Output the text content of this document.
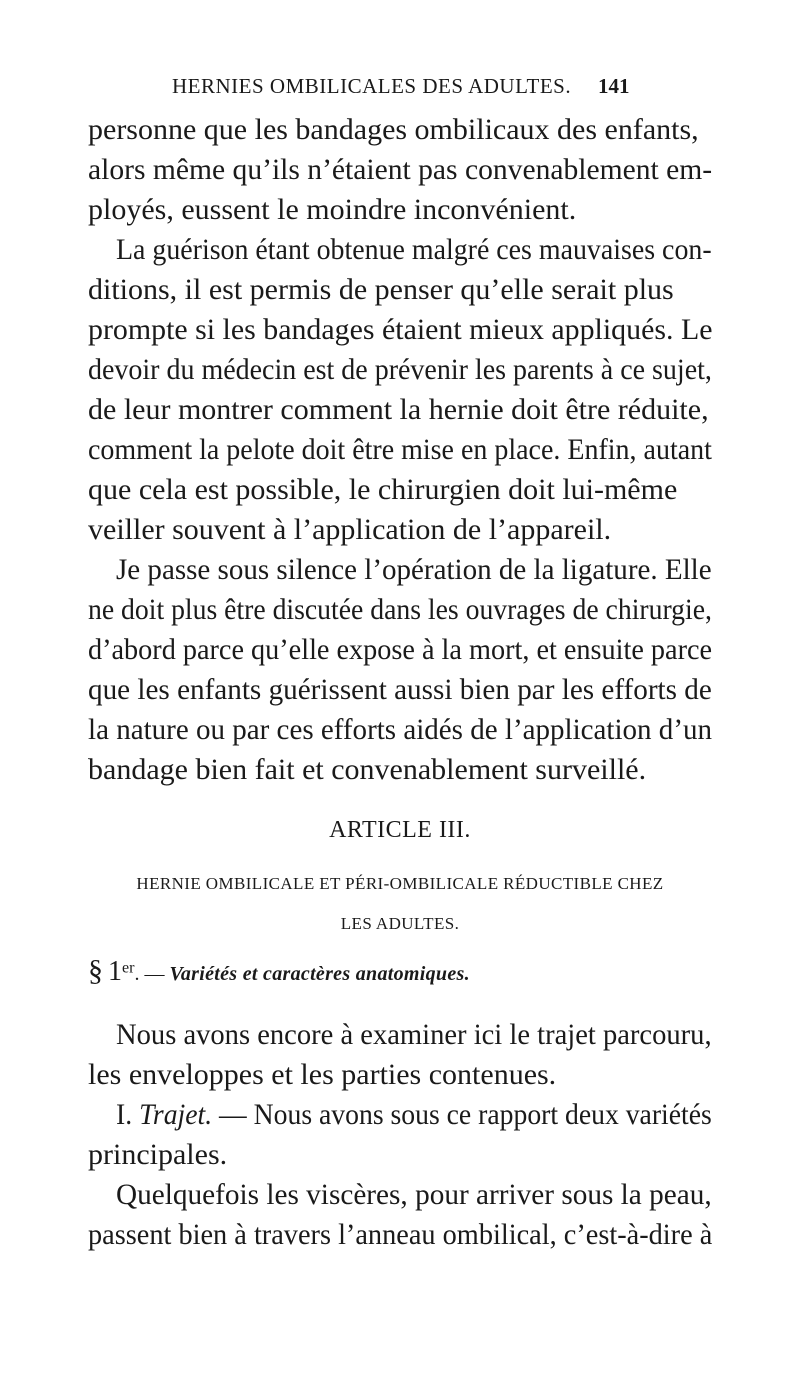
HERNIES OMBILICALES DES ADULTES.	141
personne que les bandages ombilicaux des enfants,
alors même qu’ils n’étaient pas convenablement em-
ployés, eussent le moindre inconvénient.
La guérison étant obtenue malgré ces mauvaises con-
ditions, il est permis de penser qu’elle serait plus
prompte si les bandages étaient mieux appliqués. Le
devoir du médecin est de prévenir les parents à ce sujet,
de leur montrer comment la hernie doit être réduite,
comment la pelote doit être mise en place. Enfin, autant
que cela est possible, le chirurgien doit lui-même
veiller souvent à l’application de l’appareil.
Je passe sous silence l’opération de la ligature. Elle
ne doit plus être discutée dans les ouvrages de chirurgie,
d’abord parce qu’elle expose à la mort, et ensuite parce
que les enfants guérissent aussi bien par les efforts de
la nature ou par ces efforts aidés de l’application d’un
bandage bien fait et convenablement surveillé.
ARTICLE III.
HERNIE OMBILICALE ET PÉRI-OMBILICALE RÉDUCTIBLE CHEZ
LES ADULTES.
§ 1er. — Variétés et caractères anatomiques.
Nous avons encore à examiner ici le trajet parcouru,
les enveloppes et les parties contenues.
I. Trajet. — Nous avons sous ce rapport deux variétés
principales.
Quelquefois les viscères, pour arriver sous la peau,
passent bien à travers l’anneau ombilical, c’est-à-dire à
